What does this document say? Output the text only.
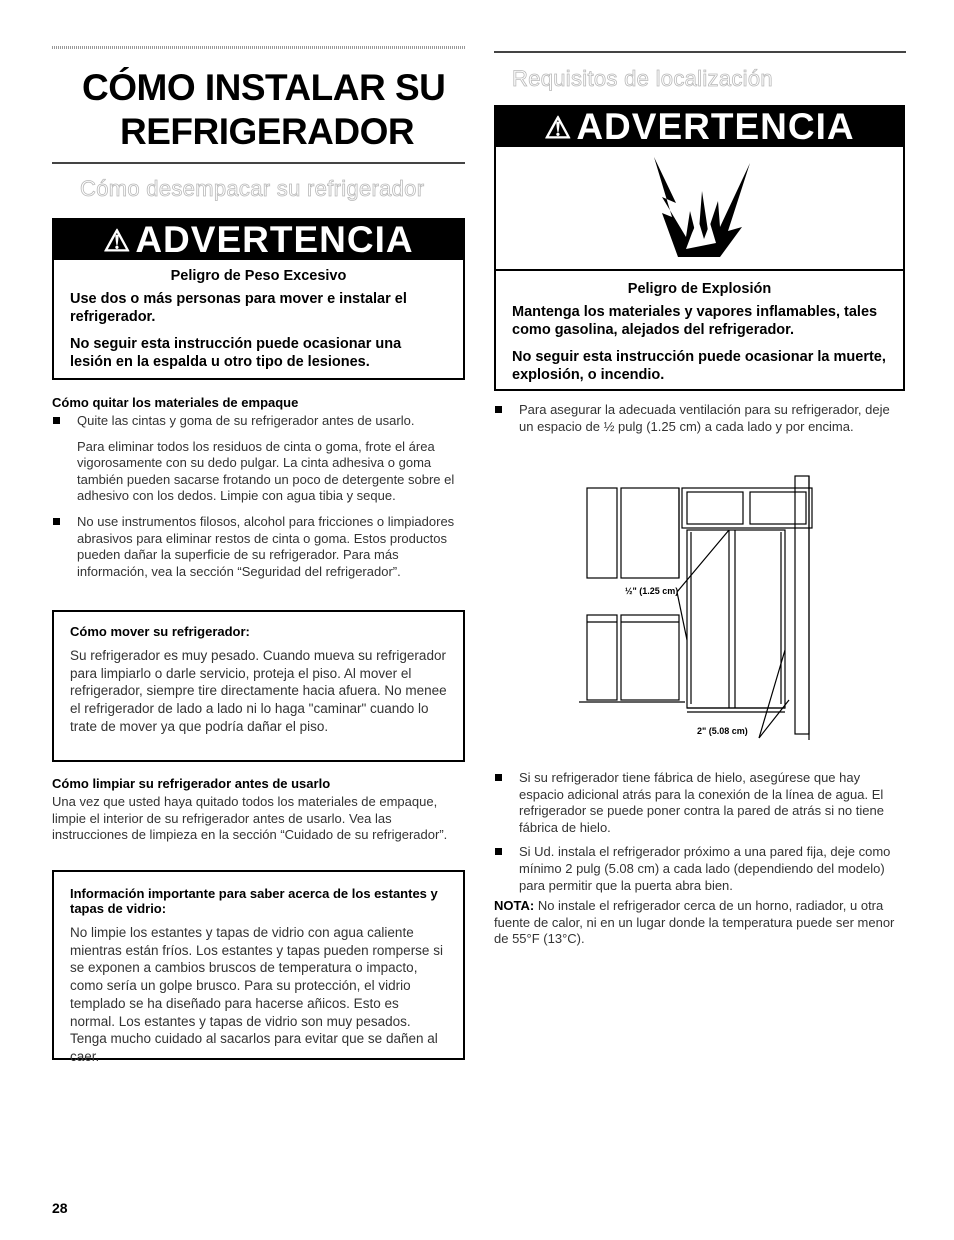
CÓMO INSTALAR SU
REFRIGERADOR
Cómo desempacar su refrigerador
⚠ ADVERTENCIA

Peligro de Peso Excesivo

Use dos o más personas para mover e instalar el refrigerador.

No seguir esta instrucción puede ocasionar una lesión en la espalda u otro tipo de lesiones.

Cómo quitar los materiales de empaque

Quite las cintas y goma de su refrigerador antes de usarlo.

Para eliminar todos los residuos de cinta o goma, frote el área vigorosamente con su dedo pulgar. La cinta adhesiva o goma también pueden sacarse frotando un poco de detergente sobre el adhesivo con los dedos. Limpie con agua tibia y seque.

No use instrumentos filosos, alcohol para fricciones o limpiadores abrasivos para eliminar restos de cinta o goma. Estos productos pueden dañar la superficie de su refrigerador. Para más información, vea la sección “Seguridad del refrigerador”.

Cómo mover su refrigerador:

Su refrigerador es muy pesado. Cuando mueva su refrigerador para limpiarlo o darle servicio, proteja el piso. Al mover el refrigerador, siempre tire directamente hacia afuera. No menee el refrigerador de lado a lado ni lo haga "caminar" cuando lo trate de mover ya que podría dañar el piso.

Cómo limpiar su refrigerador antes de usarlo

Una vez que usted haya quitado todos los materiales de empaque, limpie el interior de su refrigerador antes de usarlo. Vea las instrucciones de limpieza en la sección “Cuidado de su refrigerador”.

Información importante para saber acerca de los estantes y tapas de vidrio:

No limpie los estantes y tapas de vidrio con agua caliente mientras están fríos. Los estantes y tapas pueden romperse si se exponen a cambios bruscos de temperatura o impacto, como sería un golpe brusco. Para su protección, el vidrio templado se ha diseñado para hacerse añicos. Esto es normal. Los estantes y tapas de vidrio son muy pesados. Tenga mucho cuidado al sacarlos para evitar que se dañen al caer.

Requisitos de localización
⚠ ADVERTENCIA

Peligro de Explosión

Mantenga los materiales y vapores inflamables, tales como gasolina, alejados del refrigerador.

No seguir esta instrucción puede ocasionar la muerte, explosión, o incendio.

Para asegurar la adecuada ventilación para su refrigerador, deje un espacio de ½ pulg (1.25 cm) a cada lado y por encima.

½" (1.25 cm)
2" (5.08 cm)

Si su refrigerador tiene fábrica de hielo, asegúrese que hay espacio adicional atrás para la conexión de la línea de agua. El refrigerador se puede poner contra la pared de atrás si no tiene fábrica de hielo.

Si Ud. instala el refrigerador próximo a una pared fija, deje como mínimo 2 pulg (5.08 cm) a cada lado (dependiendo del modelo) para permitir que la puerta abra bien.

NOTA: No instale el refrigerador cerca de un horno, radiador, u otra fuente de calor, ni en un lugar donde la temperatura puede ser menor de 55°F (13°C).

28
